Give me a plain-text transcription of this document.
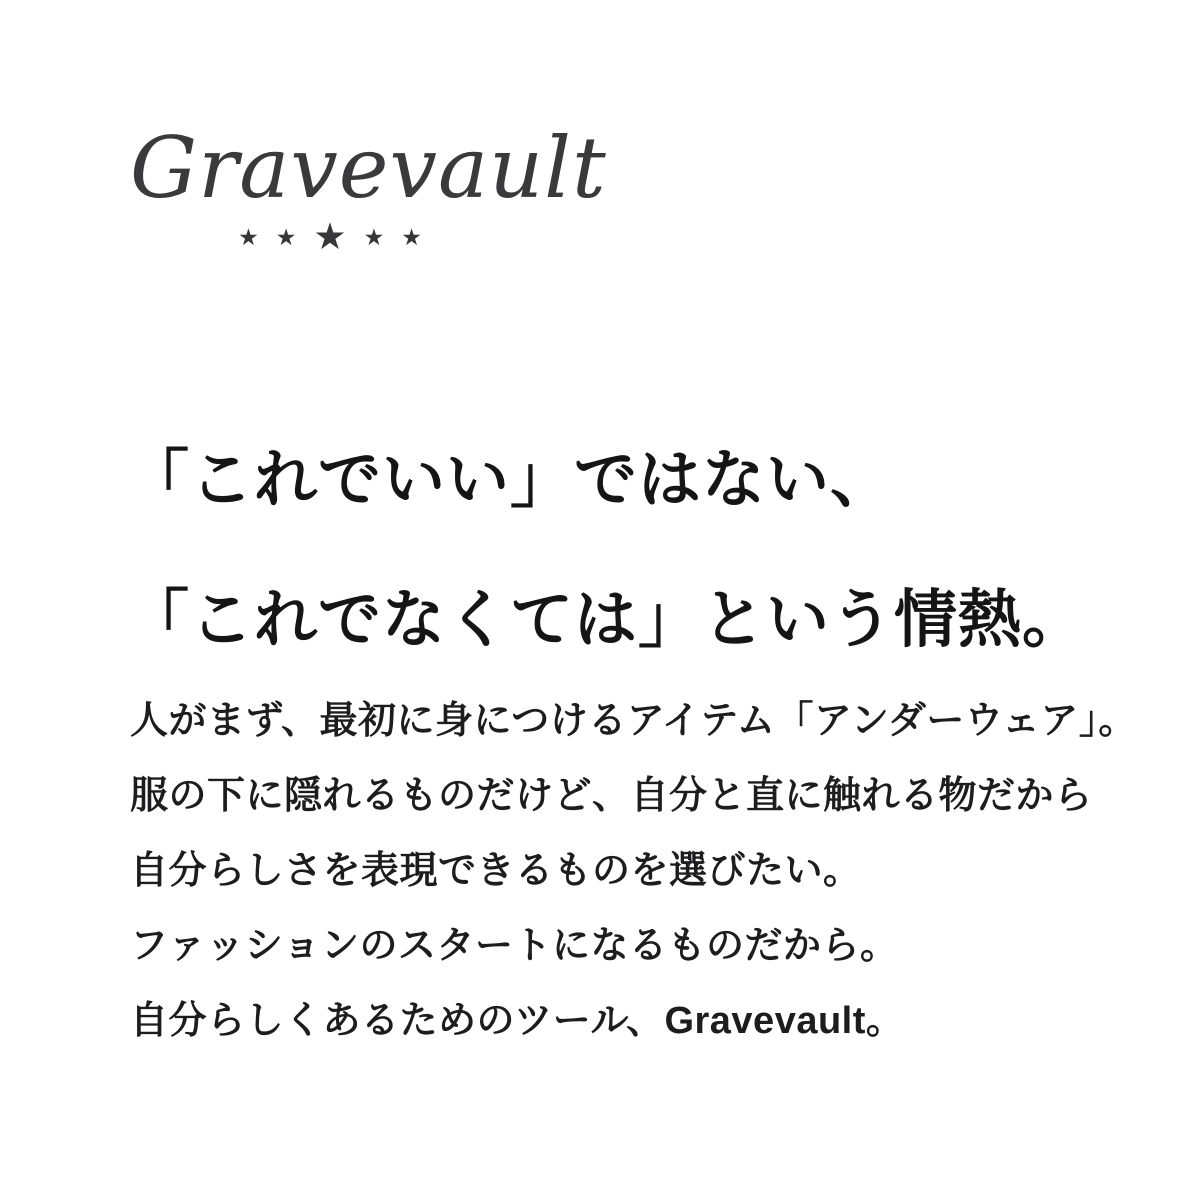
Gravevault
★ ★ ★ ★ ★
「これでいい」ではない、
「これでなくては」という情熱。
人がまず、最初に身につけるアイテム「アンダーウェア」。
服の下に隠れるものだけど、自分と直に触れる物だから
自分らしさを表現できるものを選びたい。
ファッションのスタートになるものだから。
自分らしくあるためのツール、Gravevault。
